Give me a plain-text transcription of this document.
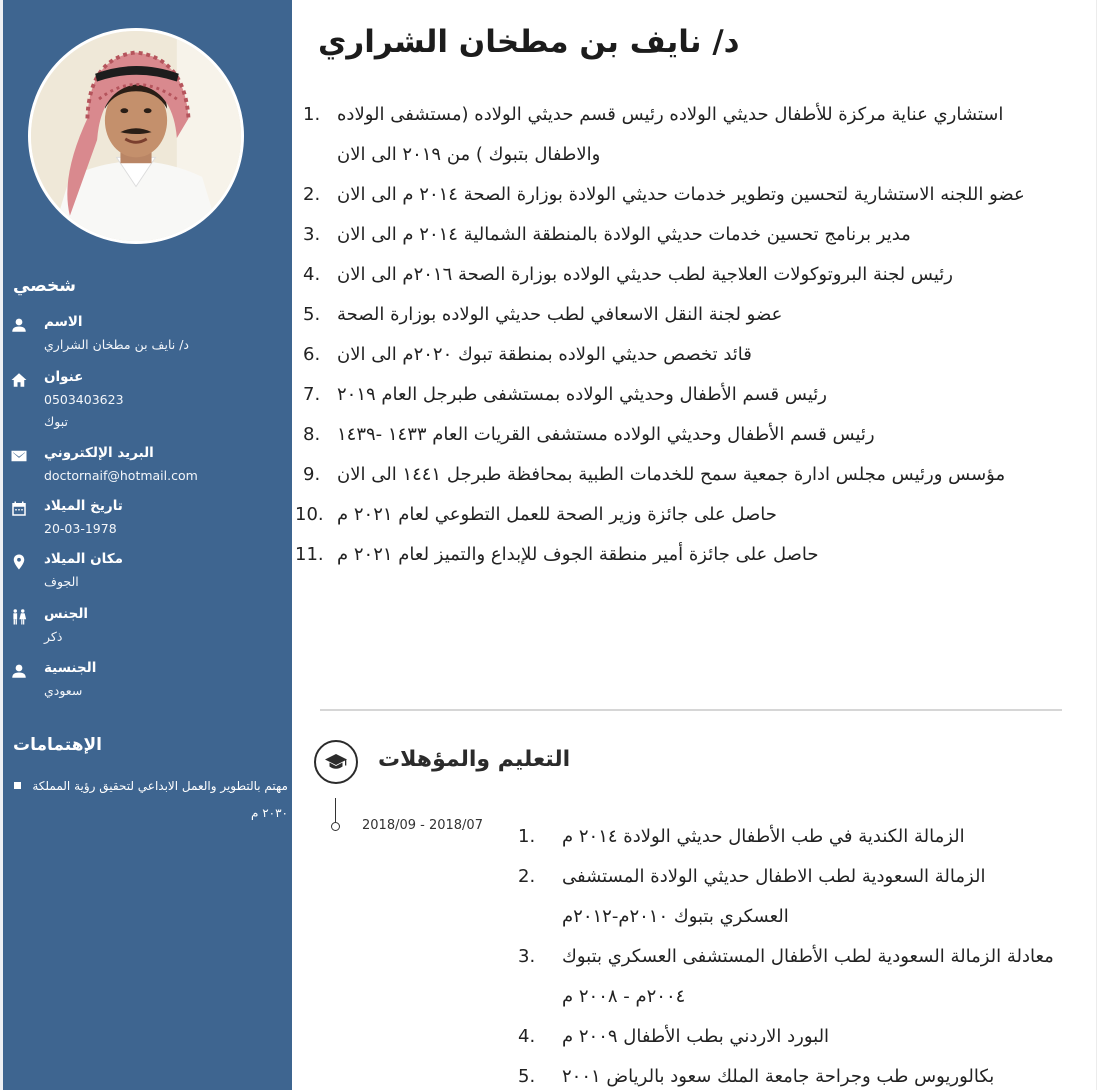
شخصي
الاسم
د/ نايف بن مطخان الشراري
عنوان
0503403623
تبوك
البريد الإلكتروني
doctornaif@hotmail.com
تاريخ الميلاد
20-03-1978
مكان الميلاد
الجوف
الجنس
ذكر
الجنسية
سعودي
الإهتمامات
مهتم بالتطوير والعمل الابداعي لتحقيق رؤية المملكة ٢٠٣٠ م
د/ نايف بن مطخان الشراري
1. استشاري عناية مركزة للأطفال حديثي الولاده رئيس قسم حديثي الولاده (مستشفى الولاده والاطفال بتبوك ) من ٢٠١٩ الى الان
2. عضو اللجنه الاستشارية لتحسين وتطوير خدمات حديثي الولادة بوزارة الصحة ٢٠١٤ م الى الان
3. مدير برنامج تحسين خدمات حديثي الولادة بالمنطقة الشمالية ٢٠١٤ م الى الان
4. رئيس لجنة البروتوكولات العلاجية لطب حديثي الولاده بوزارة الصحة ٢٠١٦م الى الان
5. عضو لجنة النقل الاسعافي لطب حديثي الولاده بوزارة الصحة
6. قائد تخصص حديثي الولاده بمنطقة تبوك ٢٠٢٠م الى الان
7. رئيس قسم الأطفال وحديثي الولاده بمستشفى طبرجل العام ٢٠١٩
8. رئيس قسم الأطفال وحديثي الولاده مستشفى القريات العام ١٤٣٣ -١٤٣٩
9. مؤسس ورئيس مجلس ادارة جمعية سمح للخدمات الطبية بمحافظة طبرجل ١٤٤١ الى الان
10. حاصل على جائزة وزير الصحة للعمل التطوعي لعام ٢٠٢١ م
11. حاصل على جائزة أمير منطقة الجوف للإبداع والتميز لعام ٢٠٢١ م
التعليم والمؤهلات
2018/09 - 2018/07
1.	الزمالة الكندية في طب الأطفال حديثي الولادة ٢٠١٤ م
2.	الزمالة السعودية لطب الاطفال حديثي الولادة المستشفى العسكري بتبوك ٢٠١٠م-٢٠١٢م
3.	معادلة الزمالة السعودية لطب الأطفال المستشفى العسكري بتبوك ٢٠٠٤م - ٢٠٠٨ م
4.	البورد الاردني بطب الأطفال ٢٠٠٩ م
5.	بكالوريوس طب وجراحة جامعة الملك سعود بالرياض ٢٠٠١
